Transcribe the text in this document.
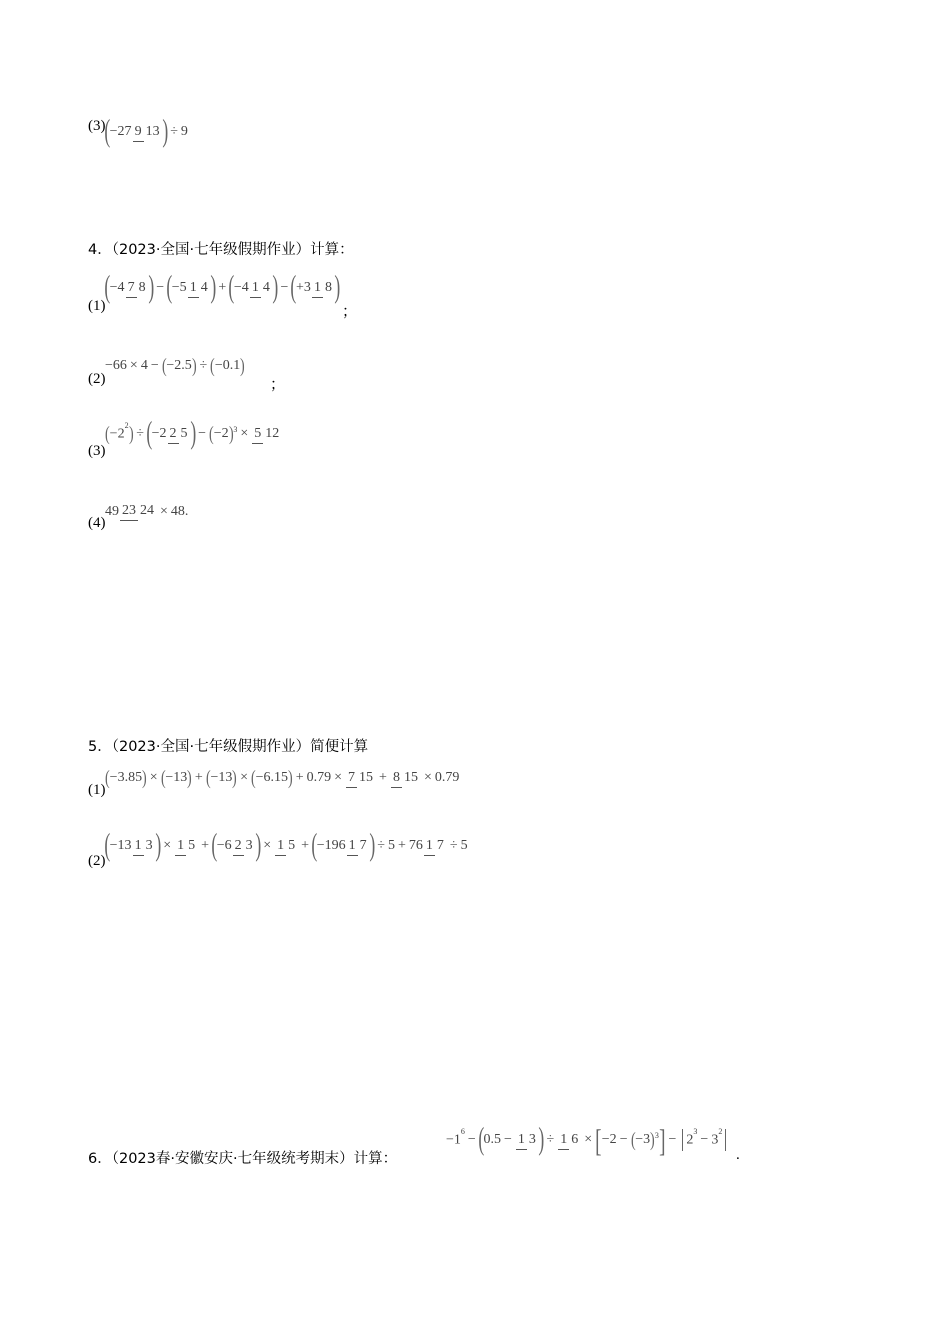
(3)
( −27 9 13 ) ÷ 9
4．（2023·全国·七年级假期作业）计算：
(1)
( −4 7 8 ) − ( −5 1 4 ) + ( −4 1 4 ) − ( +3 1 8 )
；
(2)
−66 × 4 − ( −2.5 ) ÷ ( −0.1 )
；
(3)
( $-2^2$ ) ÷ ( −2 2 5 ) − ( −2 )$^3$ × 5 12
(4)
49 23 24 × 48.
5．（2023·全国·七年级假期作业）简便计算
(1)
( −3.85 ) × ( −13 ) + ( −13 ) × ( −6.15 ) + 0.79 × 7 15 + 8 15 × 0.79
(2)
( −13 1 3 ) × 1 5 + ( −6 2 3 ) × 1 5 + ( −196 1 7 ) ÷ 5 + 76 1 7 ÷ 5
6．（2023春·安徽安庆·七年级统考期末）计算：
$-1^6$
− ( 0.5 − 1 3 ) ÷ 1 6 × [ −2 − ( −3 )$^3$ ] − $2^3$
− $3^2$
.
